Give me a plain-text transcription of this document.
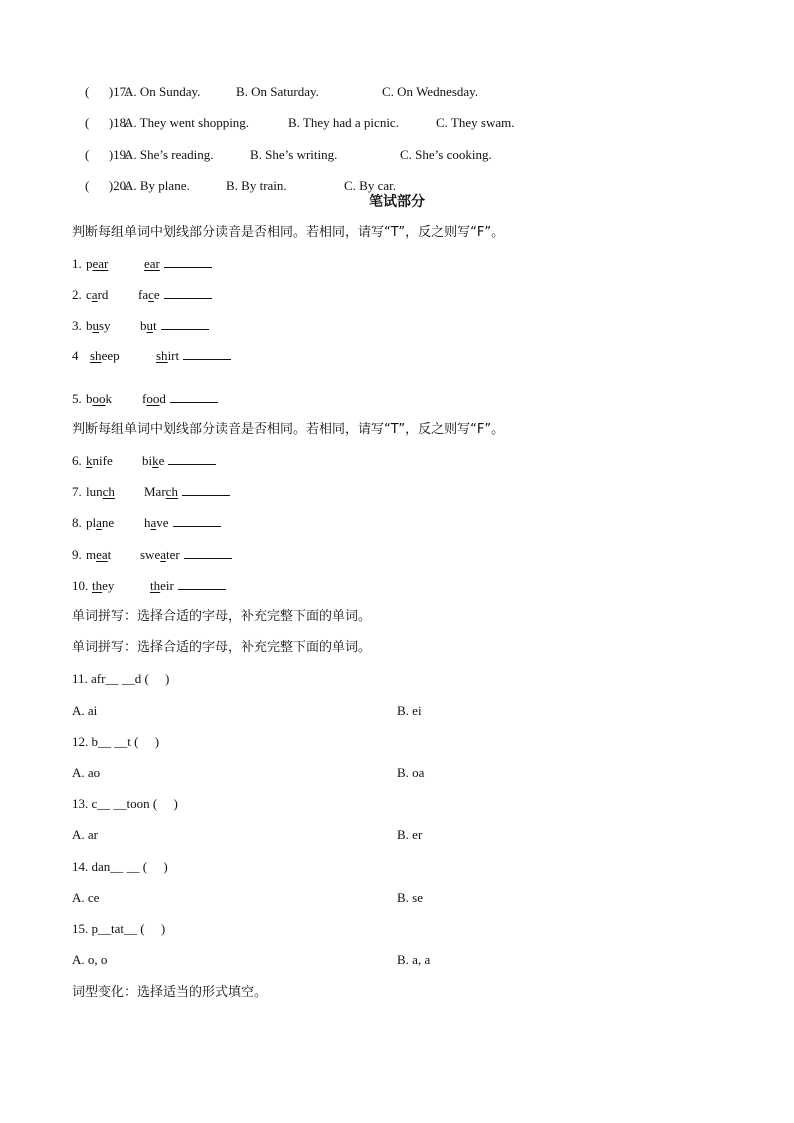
(      )17.
A. On Sunday.	B. On Saturday.	C. On Wednesday.

(      )18.
A. They went shopping.	B. They had a picnic.	C. They swam.

(      )19.
A. She’s reading.	B. She’s writing.	C. She’s cooking.

(      )20.
A. By plane.	B. By train.	C. By car.

笔试部分
判断每组单词中划线部分读音是否相同。若相同，请写“T”，反之则写“F”。
1. pear	ear
2. card face
3. busy but
4 sheep	shirt
5. book food
判断每组单词中划线部分读音是否相同。若相同，请写“T”，反之则写“F”。
6. knife bike
7. lunch March
8. plane have
9. meat sweater
10. they	their
单词拼写：选择合适的字母，补充完整下面的单词。
单词拼写：选择合适的字母，补充完整下面的单词。
11. afr__ __d (     )
A. ai	B. ei
12. b__ __t (     )
A. ao	B. oa
13. c__ __toon (     )
A. ar	B. er
14. dan__ __ (     )
A. ce	B. se
15. p__tat__ (     )
A. o, o	B. a, a
词型变化：选择适当的形式填空。
